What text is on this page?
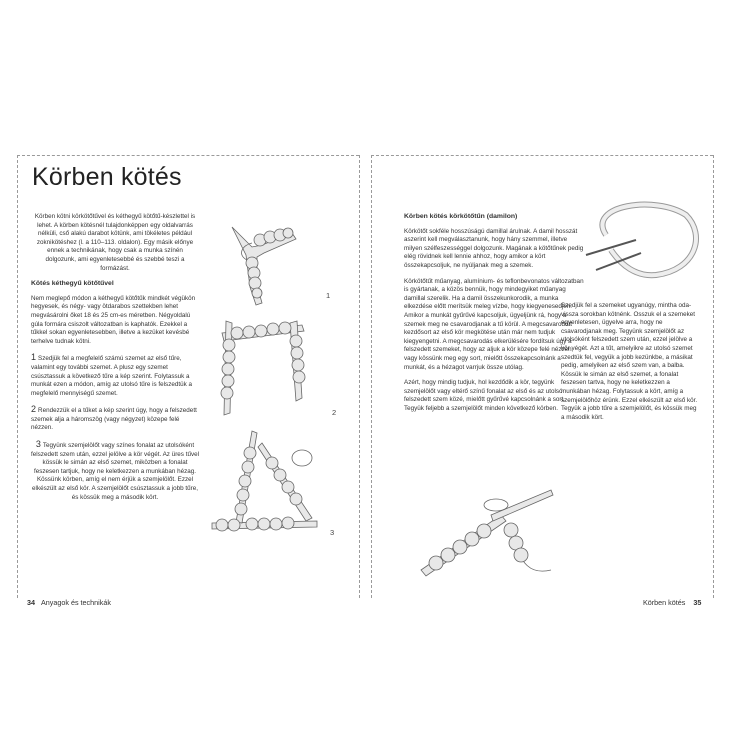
Körben kötés
Körben kötni körkötőtűvel és kéthegyű kötőtű-készlettel is lehet. A körben kötésnél tulajdonképpen egy oldalvarrás nélküli, cső alakú darabot kötünk, ami tökéletes például zoknikötéshez (l. a 110–113. oldalon). Egy másik előnye ennek a technikának, hogy csak a munka színén dolgozunk, ami egyenletesebbé és szebbé teszi a formázást.
Kötés kéthegyű kötőtűvel
Nem meglepő módon a kéthegyű kötőtűk mindkét végükön hegyesek, és négy- vagy ötdarabos szettekben lehet megvásárolni őket 18 és 25 cm-es méretben. Négyoldalú gúla formára csiszolt változatban is kaphatók. Ezekkel a tűkkel sokan egyenletesebben, illetve a kezüket kevésbé terhelve tudnak kötni.
1 Szedjük fel a megfelelő számú szemet az első tűre, valamint egy további szemet. A plusz egy szemet csúsztassuk a következő tűre a kép szerint. Folytassuk a munkát ezen a módon, amíg az utolsó tűre is felszedtük a megfelelő mennyiségű szemet.
2 Rendezzük el a tűket a kép szerint úgy, hogy a felszedett szemek alja a háromszög (vagy négyzet) közepe felé nézzen.
3 Tegyünk szemjelölőt vagy színes fonalat az utolsóként felszedett szem után, ezzel jelölve a kör végét. Az üres tűvel kössük le simán az első szemet, miközben a fonalat feszesen tartjuk, hogy ne keletkezzen a munkában hézag. Kössünk körben, amíg el nem érjük a szemjelölőt. Ezzel elkészült az első kör. A szemjelölőt csúsztassuk a jobb tűre, és kössük meg a második kört.
1
2
3
34 Anyagok és technikák
Körben kötés körkötőtűn (damilon)
Körkötőt sokféle hosszúságú damillal árulnak. A damil hosszát aszerint kell megválasztanunk, hogy hány szemmel, illetve milyen szélfeszességgel dolgozunk. Magának a kötőtűnek pedig elég rövidnek kell lennie ahhoz, hogy amikor a kört összekapcsoljuk, ne nyúljanak meg a szemek.
Körkötőtűt műanyag, alumínium- és teflonbevonatos változatban is gyártanak, a közös bennük, hogy mindegyiket műanyag damillal szerelik. Ha a damil összekunkorodik, a munka elkezdése előtt merítsük meleg vízbe, hogy kiegyenesedjen. Amikor a munkát gyűrűvé kapcsoljuk, ügyeljünk rá, hogy a szemek meg ne csavarodjanak a tű körül. A megcsavarodott kezdősort az első kör megkötése után már nem tudjuk kiegyengetni. A megcsavarodás elkerülésére fordítsuk úgy a felszedett szemeket, hogy az aljuk a kör közepe felé nézzen, vagy kössünk meg egy sort, mielőtt összekapcsolnánk a munkát, és a hézagot varrjuk össze utólag.
Azért, hogy mindig tudjuk, hol kezdődik a kör, tegyünk szemjelölőt vagy eltérő színű fonalat az első és az utolsó felszedett szem közé, mielőtt gyűrűvé kapcsolnánk a sort. Tegyük feljebb a szemjelölőt minden következő körben.
Szedjük fel a szemeket ugyanúgy, mintha oda-vissza sorokban kötnénk. Osszuk el a szemeket egyenletesen, ügyelve arra, hogy ne csavarodjanak meg. Tegyünk szemjelölőt az utolsóként felszedett szem után, ezzel jelölve a kör végét. Azt a tűt, amelyikre az utolsó szemet szedtük fel, vegyük a jobb kezünkbe, a másikat pedig, amelyiken az első szem van, a balba. Kössük le simán az első szemet, a fonalat feszesen tartva, hogy ne keletkezzen a munkában hézag. Folytassuk a kört, amíg a szemjelölőhöz érünk. Ezzel elkészült az első kör. Tegyük a jobb tűre a szemjelölőt, és kössük meg a második kört.
Körben kötés 35
